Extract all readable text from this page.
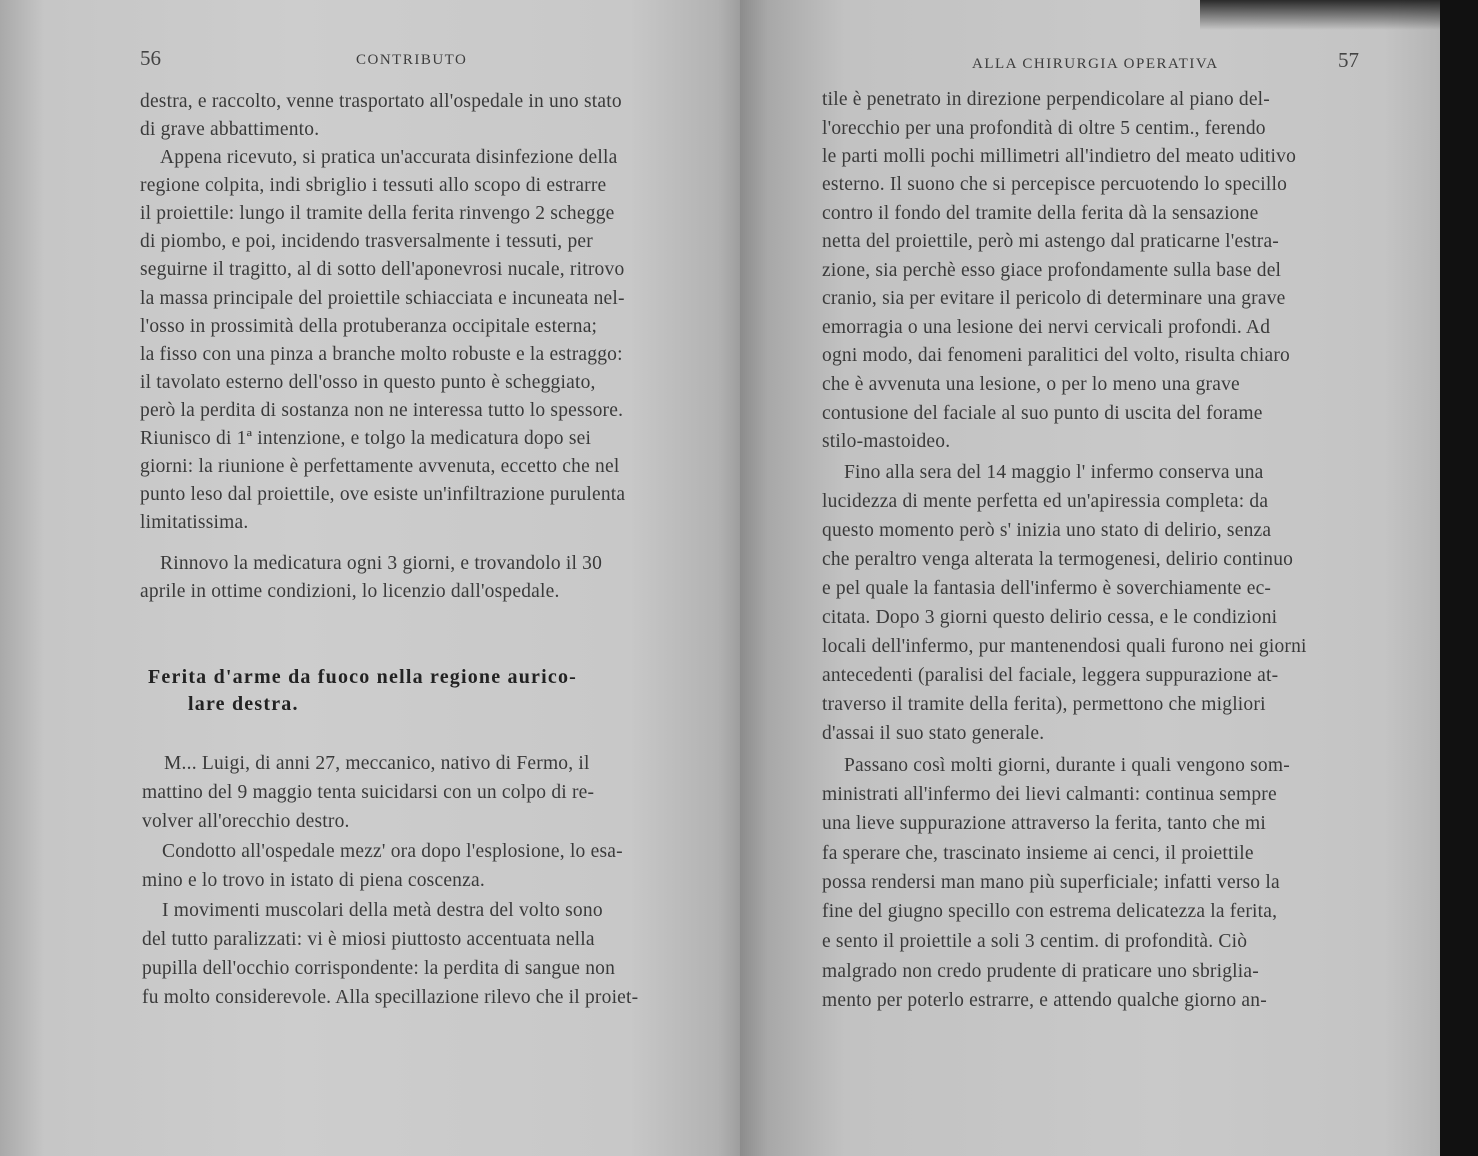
56	CONTRIBUTO
destra, e raccolto, venne trasportato all'ospedale in uno stato
di grave abbattimento.
Appena ricevuto, si pratica un'accurata disinfezione della
regione colpita, indi sbriglio i tessuti allo scopo di estrarre
il proiettile: lungo il tramite della ferita rinvengo 2 schegge
di piombo, e poi, incidendo trasversalmente i tessuti, per
seguirne il tragitto, al di sotto dell'aponevrosi nucale, ritrovo
la massa principale del proiettile schiacciata e incuneata nel-
l'osso in prossimità della protuberanza occipitale esterna;
la fisso con una pinza a branche molto robuste e la estraggo:
il tavolato esterno dell'osso in questo punto è scheggiato,
però la perdita di sostanza non ne interessa tutto lo spessore.
Riunisco di 1ª intenzione, e tolgo la medicatura dopo sei
giorni: la riunione è perfettamente avvenuta, eccetto che nel
punto leso dal proiettile, ove esiste un'infiltrazione purulenta
limitatissima.
Rinnovo la medicatura ogni 3 giorni, e trovandolo il 30
aprile in ottime condizioni, lo licenzio dall'ospedale.
Ferita d'arme da fuoco nella regione aurico-
lare destra.
M... Luigi, di anni 27, meccanico, nativo di Fermo, il
mattino del 9 maggio tenta suicidarsi con un colpo di re-
volver all'orecchio destro.
Condotto all'ospedale mezz' ora dopo l'esplosione, lo esa-
mino e lo trovo in istato di piena coscenza.
I movimenti muscolari della metà destra del volto sono
del tutto paralizzati: vi è miosi piuttosto accentuata nella
pupilla dell'occhio corrispondente: la perdita di sangue non
fu molto considerevole. Alla specillazione rilevo che il proiet-
ALLA CHIRURGIA OPERATIVA	57
tile è penetrato in direzione perpendicolare al piano del-
l'orecchio per una profondità di oltre 5 centim., ferendo
le parti molli pochi millimetri all'indietro del meato uditivo
esterno. Il suono che si percepisce percuotendo lo specillo
contro il fondo del tramite della ferita dà la sensazione
netta del proiettile, però mi astengo dal praticarne l'estra-
zione, sia perchè esso giace profondamente sulla base del
cranio, sia per evitare il pericolo di determinare una grave
emorragia o una lesione dei nervi cervicali profondi. Ad
ogni modo, dai fenomeni paralitici del volto, risulta chiaro
che è avvenuta una lesione, o per lo meno una grave
contusione del faciale al suo punto di uscita del forame
stilo-mastoideo.
Fino alla sera del 14 maggio l' infermo conserva una
lucidezza di mente perfetta ed un'apiressia completa: da
questo momento però s' inizia uno stato di delirio, senza
che peraltro venga alterata la termogenesi, delirio continuo
e pel quale la fantasia dell'infermo è soverchiamente ec-
citata. Dopo 3 giorni questo delirio cessa, e le condizioni
locali dell'infermo, pur mantenendosi quali furono nei giorni
antecedenti (paralisi del faciale, leggera suppurazione at-
traverso il tramite della ferita), permettono che migliori
d'assai il suo stato generale.
Passano così molti giorni, durante i quali vengono som-
ministrati all'infermo dei lievi calmanti: continua sempre
una lieve suppurazione attraverso la ferita, tanto che mi
fa sperare che, trascinato insieme ai cenci, il proiettile
possa rendersi man mano più superficiale; infatti verso la
fine del giugno specillo con estrema delicatezza la ferita,
e sento il proiettile a soli 3 centim. di profondità. Ciò
malgrado non credo prudente di praticare uno sbriglia-
mento per poterlo estrarre, e attendo qualche giorno an-
